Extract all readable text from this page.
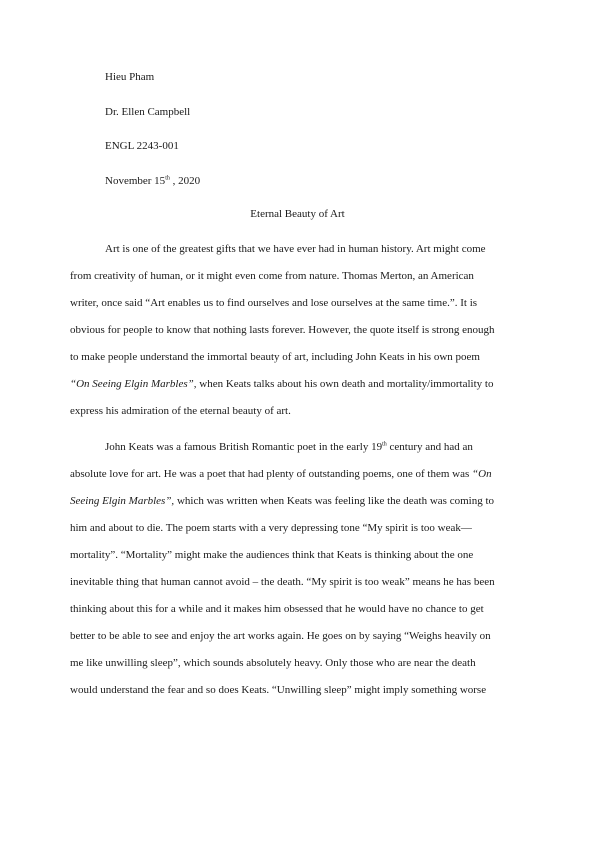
Hieu Pham
Dr. Ellen Campbell
ENGL 2243-001
November 15th , 2020
Eternal Beauty of Art
Art is one of the greatest gifts that we have ever had in human history. Art might come
from creativity of human, or it might even come from nature. Thomas Merton, an American
writer, once said “Art enables us to find ourselves and lose ourselves at the same time.”. It is
obvious for people to know that nothing lasts forever. However, the quote itself is strong enough
to make people understand the immortal beauty of art, including John Keats in his own poem
“On Seeing Elgin Marbles”, when Keats talks about his own death and mortality/immortality to
express his admiration of the eternal beauty of art.
John Keats was a famous British Romantic poet in the early 19th century and had an
absolute love for art. He was a poet that had plenty of outstanding poems, one of them was “On
Seeing Elgin Marbles”, which was written when Keats was feeling like the death was coming to
him and about to die. The poem starts with a very depressing tone “My spirit is too weak—
mortality”. “Mortality” might make the audiences think that Keats is thinking about the one
inevitable thing that human cannot avoid – the death. “My spirit is too weak” means he has been
thinking about this for a while and it makes him obsessed that he would have no chance to get
better to be able to see and enjoy the art works again. He goes on by saying “Weighs heavily on
me like unwilling sleep”, which sounds absolutely heavy. Only those who are near the death
would understand the fear and so does Keats. “Unwilling sleep” might imply something worse
